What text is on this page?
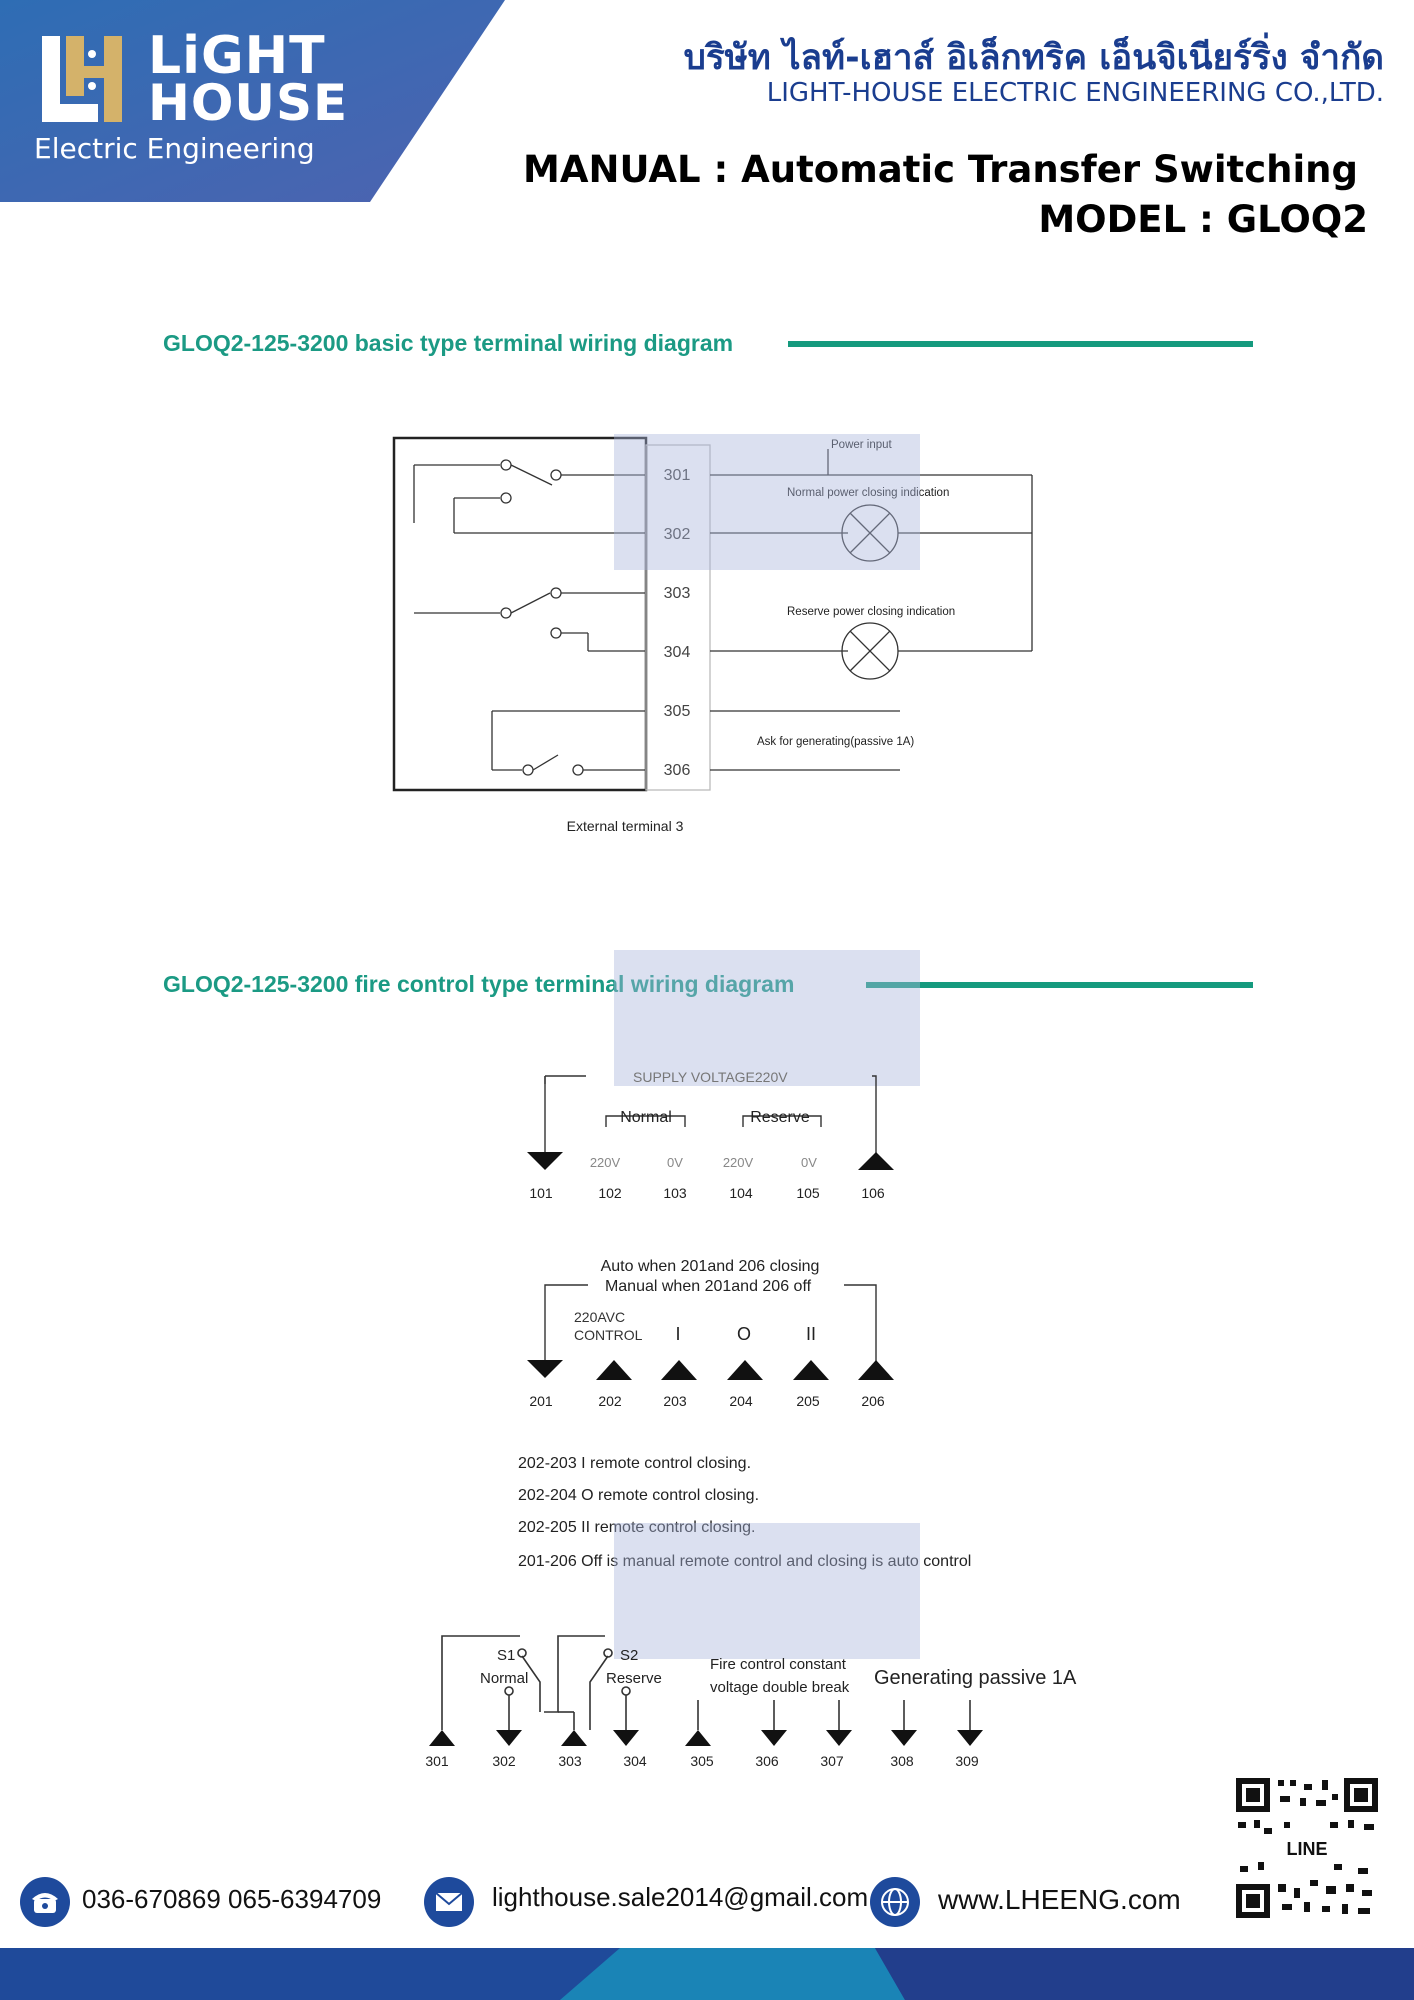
LiGHT
HOUSE
Electric Engineering
บริษัท ไลท์-เฮาส์ อิเล็กทริค เอ็นจิเนียร์ริ่ง จำกัด
LIGHT-HOUSE ELECTRIC ENGINEERING CO.,LTD.
MANUAL : Automatic Transfer Switching
MODEL : GLOQ2
GLOQ2-125-3200 basic type terminal wiring diagram
301
302
303
304
305
306
Power input
Normal power closing indication
Reserve power closing indication
Ask for generating(passive 1A)
External terminal 3
GLOQ2-125-3200 fire control type terminal wiring diagram
SUPPLY VOLTAGE220V
Normal	Reserve
220V	0V	220V	0V
101	102	103	104	105	106
Auto when 201and 206 closing
Manual when 201and 206 off
220AVC
CONTROL I	O	II
201	202	203	204	205	206
202-203 I remote control closing.
202-204 O remote control closing.
202-205 II remote control closing.
201-206 Off is manual remote control and closing is auto control
S1
Normal
S2
Reserve
Fire control constant
voltage double break Generating passive 1A
301	302	303	304	305	306	307	308	309
036-670869 065-6394709	lighthouse.sale2014@gmail.com www.LHEENG.com
LINE
